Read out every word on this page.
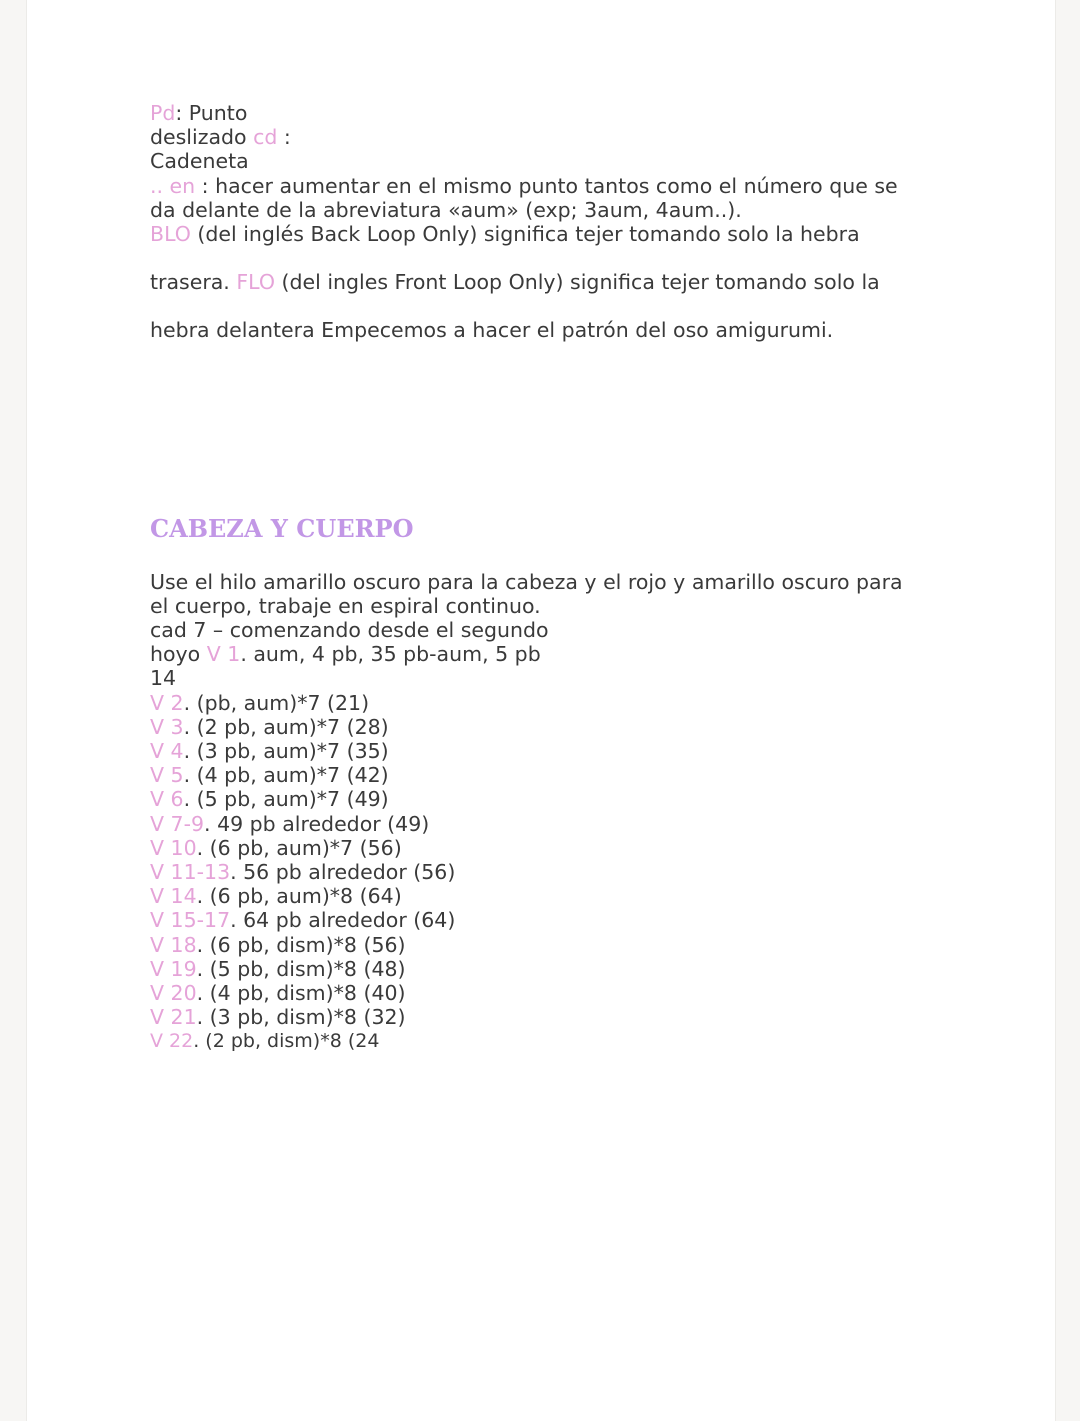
Pd: Punto
deslizado cd :
Cadeneta
.. en : hacer aumentar en el mismo punto tantos como el número que se
da delante de la abreviatura «aum» (exp; 3aum, 4aum..).
BLO (del inglés Back Loop Only) significa tejer tomando solo la hebra
trasera. FLO (del ingles Front Loop Only) significa tejer tomando solo la
hebra delantera Empecemos a hacer el patrón del oso amigurumi.
CABEZA Y CUERPO
Use el hilo amarillo oscuro para la cabeza y el rojo y amarillo oscuro para
el cuerpo, trabaje en espiral continuo.
cad 7 – comenzando desde el segundo
hoyo V 1. aum, 4 pb, 35 pb-aum, 5 pb
14
V 2. (pb, aum)*7 (21)
V 3. (2 pb, aum)*7 (28)
V 4. (3 pb, aum)*7 (35)
V 5. (4 pb, aum)*7 (42)
V 6. (5 pb, aum)*7 (49)
V 7-9. 49 pb alrededor (49)
V 10. (6 pb, aum)*7 (56)
V 11-13. 56 pb alrededor (56)
V 14. (6 pb, aum)*8 (64)
V 15-17. 64 pb alrededor (64)
V 18. (6 pb, dism)*8 (56)
V 19. (5 pb, dism)*8 (48)
V 20. (4 pb, dism)*8 (40)
V 21. (3 pb, dism)*8 (32)
V 22. (2 pb, dism)*8 (24
